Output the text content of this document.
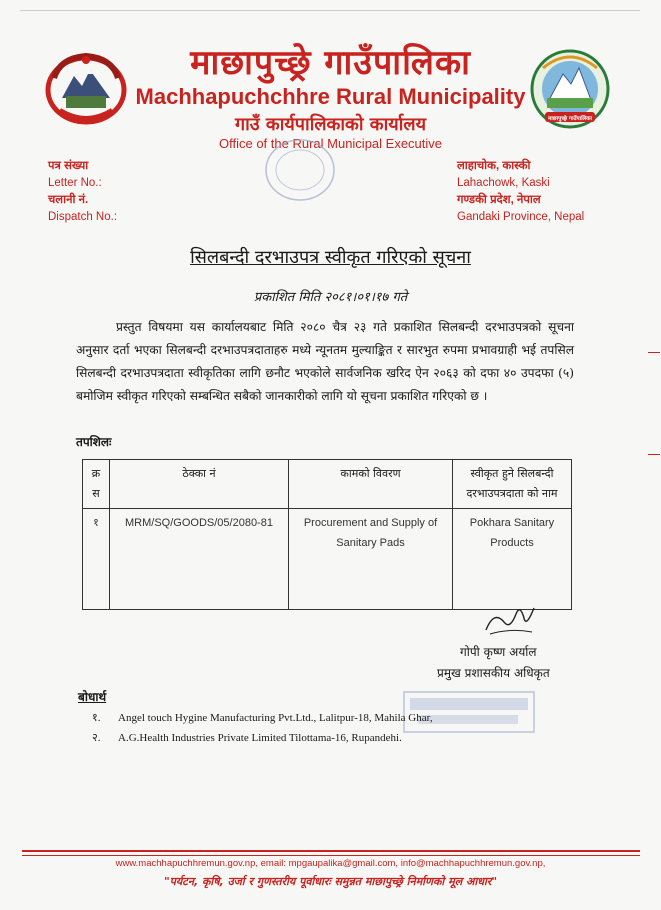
माछापुच्छ्रे गाउँपालिका
माछापुच्छ्रे गाउँपालिका
Machhapuchchhre Rural Municipality
गाउँ कार्यपालिकाको कार्यालय
Office of the Rural Municipal Executive
पत्र संख्या
Letter No.:
चलानी नं.
Dispatch No.:
लाहाचोक, कास्की
Lahachowk, Kaski
गण्डकी प्रदेश, नेपाल
Gandaki Province, Nepal
सिलबन्दी दरभाउपत्र स्वीकृत गरिएको सूचना
प्रकाशित मिति २०८१।०१।१७ गते
प्रस्तुत विषयमा यस कार्यालयबाट मिति २०८० चैत्र २३ गते प्रकाशित सिलबन्दी दरभाउपत्रको सूचना अनुसार दर्ता भएका सिलबन्दी दरभाउपत्रदाताहरु मध्ये न्यूनतम मुल्याङ्कित र सारभुत रुपमा प्रभावग्राही भई तपसिल सिलबन्दी दरभाउपत्रदाता स्वीकृतिका लागि छनौट भएकोले सार्वजनिक खरिद ऐन २०६३ को दफा ४० उपदफा (५) बमोजिम स्वीकृत गरिएको सम्बन्धित सबैको जानकारीको लागि यो सूचना प्रकाशित गरिएको छ ।
तपशिलः
क्र स	ठेक्का नं	कामको विवरण	स्वीकृत हुने सिलबन्दी दरभाउपत्रदाता को नाम
१	MRM/SQ/GOODS/05/2080-81	Procurement and Supply of Sanitary Pads	Pokhara Sanitary Products
गोपी कृष्ण अर्याल
प्रमुख प्रशासकीय अधिकृत
बोधार्थ
१. Angel touch Hygine Manufacturing Pvt.Ltd., Lalitpur-18, Mahila Ghar,
२. A.G.Health Industries Private Limited Tilottama-16, Rupandehi.
www.machhapuchhremun.gov.np, email: mpgaupalika@gmail.com, info@machhapuchhremun.gov.np,
"पर्यटन, कृषि, उर्जा र गुणस्तरीय पूर्वाधारः समुन्नत माछापुच्छ्रे निर्माणको मूल आधार"
